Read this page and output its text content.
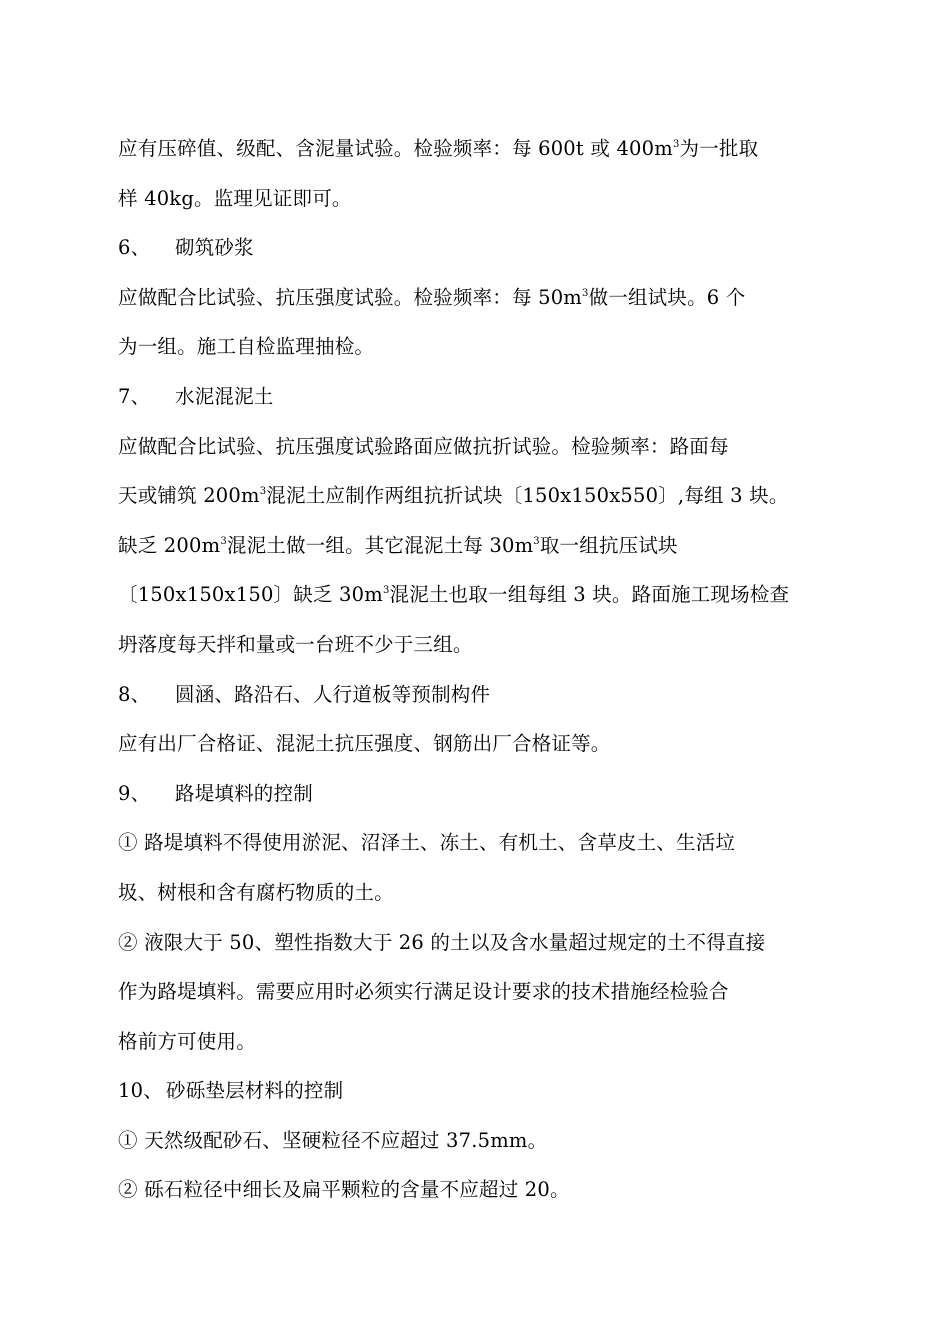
应有压碎值、级配、含泥量试验。检验频率：每 600t 或 $400m^3$为一批取
样 40kg。监理见证即可。
6、 砌筑砂浆
应做配合比试验、抗压强度试验。检验频率：每 $50m^3$做一组试块。6 个
为一组。施工自检监理抽检。
7、 水泥混泥土
应做配合比试验、抗压强度试验路面应做抗折试验。检验频率：路面每
天或铺筑 $200m^3$混泥土应制作两组抗折试块〔150x150x550〕,每组 3 块。
缺乏 $200m^3$混泥土做一组。其它混泥土每 $30m^3$取一组抗压试块
〔150x150x150〕缺乏 $30m^3$混泥土也取一组每组 3 块。路面施工现场检查
坍落度每天拌和量或一台班不少于三组。
8、 圆涵、路沿石、人行道板等预制构件
应有出厂合格证、混泥土抗压强度、钢筋出厂合格证等。
9、 路堤填料的控制
① 路堤填料不得使用淤泥、沼泽土、冻土、有机土、含草皮土、生活垃
圾、树根和含有腐朽物质的土。
② 液限大于 50、塑性指数大于 26 的土以及含水量超过规定的土不得直接
作为路堤填料。需要应用时必须实行满足设计要求的技术措施经检验合
格前方可使用。
10、 砂砾垫层材料的控制
① 天然级配砂石、坚硬粒径不应超过 37.5mm。
② 砾石粒径中细长及扁平颗粒的含量不应超过 20。
